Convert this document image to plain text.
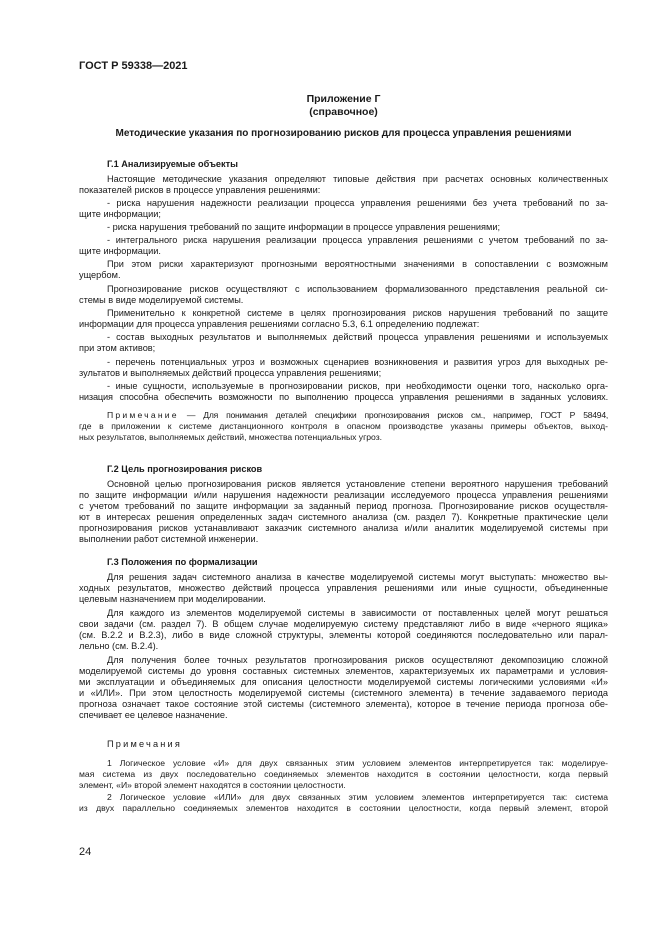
ГОСТ Р 59338—2021
Приложение Г
(справочное)
Методические указания по прогнозированию рисков для процесса управления решениями
Г.1 Анализируемые объекты
Настоящие методические указания определяют типовые действия при расчетах основных количественных
показателей рисков в процессе управления решениями:
- риска нарушения надежности реализации процесса управления решениями без учета требований по за-
щите информации;
- риска нарушения требований по защите информации в процессе управления решениями;
- интегрального риска нарушения реализации процесса управления решениями с учетом требований по за-
щите информации.
При этом риски характеризуют прогнозными вероятностными значениями в сопоставлении с возможным
ущербом.
Прогнозирование рисков осуществляют с использованием формализованного представления реальной си-
стемы в виде моделируемой системы.
Применительно к конкретной системе в целях прогнозирования рисков нарушения требований по защите
информации для процесса управления решениями согласно 5.3, 6.1 определению подлежат:
- состав выходных результатов и выполняемых действий процесса управления решениями и используемых
при этом активов;
- перечень потенциальных угроз и возможных сценариев возникновения и развития угроз для выходных ре-
зультатов и выполняемых действий процесса управления решениями;
- иные сущности, используемые в прогнозировании рисков, при необходимости оценки того, насколько орга-
низация способна обеспечить возможности по выполнению процесса управления решениями в заданных условиях.
Примечание — Для понимания деталей специфики прогнозирования рисков см., например, ГОСТ Р 58494,
где в приложении к системе дистанционного контроля в опасном производстве указаны примеры объектов, выход-
ных результатов, выполняемых действий, множества потенциальных угроз.
Г.2 Цель прогнозирования рисков
Основной целью прогнозирования рисков является установление степени вероятного нарушения требований
по защите информации и/или нарушения надежности реализации исследуемого процесса управления решениями
с учетом требований по защите информации за заданный период прогноза. Прогнозирование рисков осуществля-
ют в интересах решения определенных задач системного анализа (см. раздел 7). Конкретные практические цели
прогнозирования рисков устанавливают заказчик системного анализа и/или аналитик моделируемой системы при
выполнении работ системной инженерии.
Г.3 Положения по формализации
Для решения задач системного анализа в качестве моделируемой системы могут выступать: множество вы-
ходных результатов, множество действий процесса управления решениями или иные сущности, объединенные
целевым назначением при моделировании.
Для каждого из элементов моделируемой системы в зависимости от поставленных целей могут решаться
свои задачи (см. раздел 7). В общем случае моделируемую систему представляют либо в виде «черного ящика»
(см. В.2.2 и В.2.3), либо в виде сложной структуры, элементы которой соединяются последовательно или парал-
лельно (см. В.2.4).
Для получения более точных результатов прогнозирования рисков осуществляют декомпозицию сложной
моделируемой системы до уровня составных системных элементов, характеризуемых их параметрами и условия-
ми эксплуатации и объединяемых для описания целостности моделируемой системы логическими условиями «И»
и «ИЛИ». При этом целостность моделируемой системы (системного элемента) в течение задаваемого периода
прогноза означает такое состояние этой системы (системного элемента), которое в течение периода прогноза обе-
спечивает ее целевое назначение.
Примечания
1 Логическое условие «И» для двух связанных этим условием элементов интерпретируется так: моделируе-
мая система из двух последовательно соединяемых элементов находится в состоянии целостности, когда первый
элемент, «И» второй элемент находятся в состоянии целостности.
2 Логическое условие «ИЛИ» для двух связанных этим условием элементов интерпретируется так: система
из двух параллельно соединяемых элементов находится в состоянии целостности, когда первый элемент, второй
24
